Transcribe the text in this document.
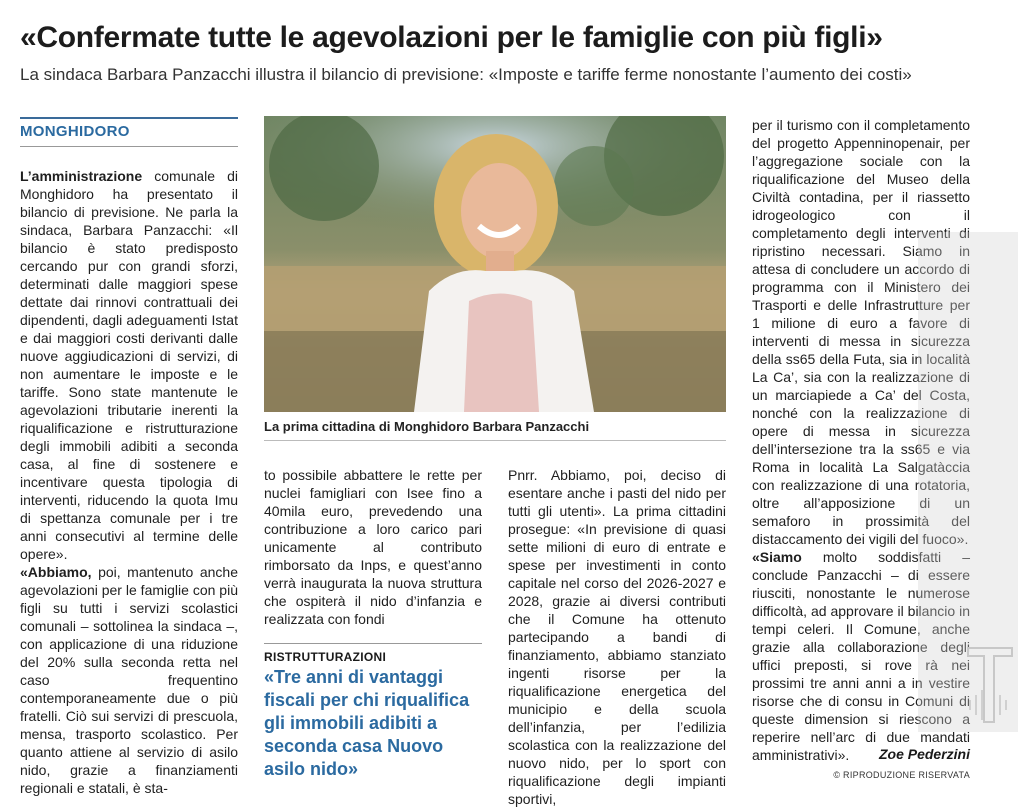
«Confermate tutte le agevolazioni per le famiglie con più figli»
La sindaca Barbara Panzacchi illustra il bilancio di previsione: «Imposte e tariffe ferme nonostante l’aumento dei costi»
MONGHIDORO

L’amministrazione comunale di Monghidoro ha presentato il bilancio di previsione. Ne parla la sindaca, Barbara Panzacchi: «Il bilancio è stato predisposto cercando pur con grandi sforzi, determinati dalle maggiori spese dettate dai rinnovi contrattuali dei dipendenti, dagli adeguamenti Istat e dai maggiori costi derivanti dalle nuove aggiudicazioni di servizi, di non aumentare le imposte e le tariffe. Sono state mantenute le agevolazioni tributarie inerenti la riqualificazione e ristrutturazione degli immobili adibiti a seconda casa, al fine di sostenere e incentivare questa tipologia di interventi, riducendo la quota Imu di spettanza comunale per i tre anni consecutivi al termine delle opere».

«Abbiamo, poi, mantenuto anche agevolazioni per le famiglie con più figli su tutti i servizi scolastici comunali – sottolinea la sindaca –, con applicazione di una riduzione del 20% sulla seconda retta nel caso frequentino contemporaneamente due o più fratelli. Ciò sui servizi di prescuola, mensa, trasporto scolastico. Per quanto attiene al servizio di asilo nido, grazie a finanziamenti regionali e statali, è sta-

La prima cittadina di Monghidoro Barbara Panzacchi

to possibile abbattere le rette per nuclei famigliari con Isee fino a 40mila euro, prevedendo una contribuzione a loro carico pari unicamente al contributo rimborsato da Inps, e quest’anno verrà inaugurata la nuova struttura che ospiterà il nido d’infanzia e realizzata con fondi

RISTRUTTURAZIONI
«Tre anni di vantaggi fiscali per chi riqualifica gli immobili adibiti a seconda casa Nuovo asilo nido»

Pnrr. Abbiamo, poi, deciso di esentare anche i pasti del nido per tutti gli utenti». La prima cittadini prosegue: «In previsione di quasi sette milioni di euro di entrate e spese per investimenti in conto capitale nel corso del 2026-2027 e 2028, grazie ai diversi contributi che il Comune ha ottenuto partecipando a bandi di finanziamento, abbiamo stanziato ingenti risorse per la riqualificazione energetica del municipio e della scuola dell’infanzia, per l’edilizia scolastica con la realizzazione del nuovo nido, per lo sport con riqualificazione degli impianti sportivi,

per il turismo con il completamento del progetto Appenninopenair, per l’aggregazione sociale con la riqualificazione del Museo della Civiltà contadina, per il riassetto idrogeologico con il completamento degli interventi di ripristino necessari. Siamo in attesa di concludere un accordo di programma con il Ministero dei Trasporti e delle Infrastrutture per 1 milione di euro a favore di interventi di messa in sicurezza della ss65 della Futa, sia in località La Ca’, sia con la realizzazione di un marciapiede a Ca’ del Costa, nonché con la realizzazione di opere di messa in sicurezza dell’intersezione tra la ss65 e via Roma in località La Salgatàccia con realizzazione di una rotatoria, oltre all’apposizione di un semaforo in prossimità del distaccamento dei vigili del fuoco».

«Siamo molto soddisfatti – conclude Panzacchi – di essere riusciti, nonostante le numerose difficoltà, ad approvare il bilancio in tempi celeri. Il Comune, anche grazie alla collaborazione degli uffici preposti, si rove rà nei prossimi tre anni anni a in vestire risorse che di consu in Comuni di queste dimension si riescono a reperire nell’arc di due mandati amministrativi».	Zoe Pederzini
© RIPRODUZIONE RISERVATA
